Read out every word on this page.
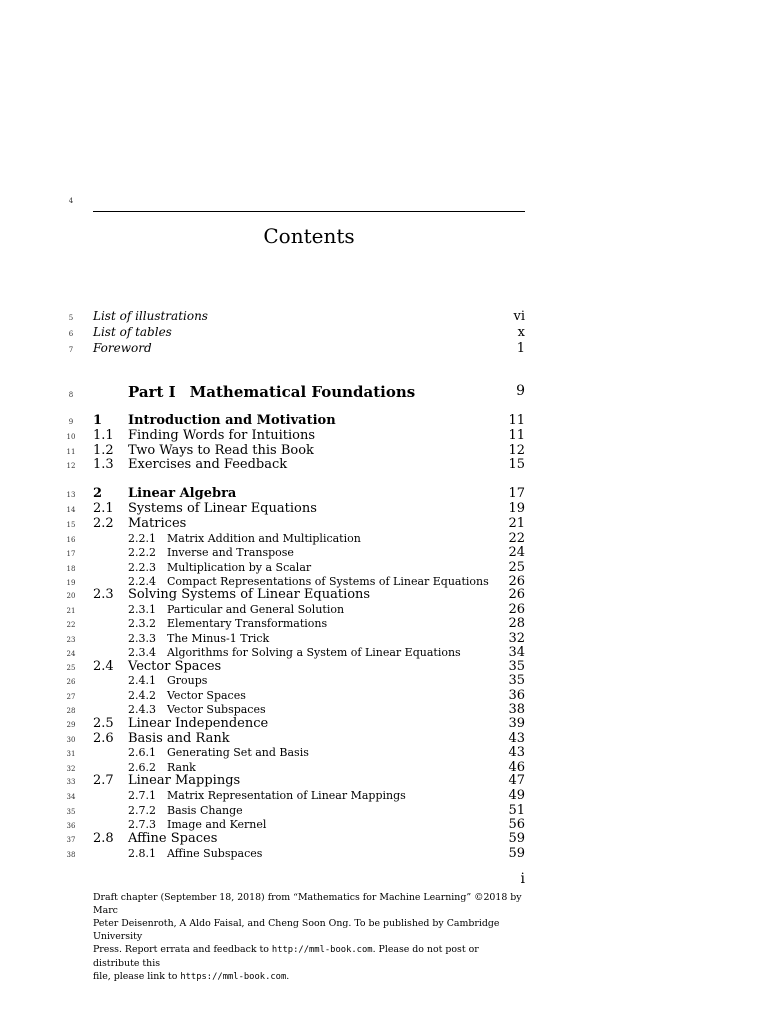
4
Contents
5	List of illustrations	vi
6	List of tables	x
7	Foreword	1
8	Part I Mathematical Foundations	9
9	1 Introduction and Motivation	11
10	1.1 Finding Words for Intuitions	11
11	1.2 Two Ways to Read this Book	12
12	1.3 Exercises and Feedback	15
13	2 Linear Algebra	17
14	2.1 Systems of Linear Equations	19
15	2.2 Matrices	21
16	2.2.1 Matrix Addition and Multiplication	22
17	2.2.2 Inverse and Transpose	24
18	2.2.3 Multiplication by a Scalar	25
19	2.2.4 Compact Representations of Systems of Linear Equations 26
20	2.3 Solving Systems of Linear Equations	26
21	2.3.1 Particular and General Solution	26
22	2.3.2 Elementary Transformations	28
23	2.3.3 The Minus-1 Trick	32
24	2.3.4 Algorithms for Solving a System of Linear Equations	34
25	2.4 Vector Spaces	35
26	2.4.1 Groups	35
27	2.4.2 Vector Spaces	36
28	2.4.3 Vector Subspaces	38
29	2.5 Linear Independence	39
30	2.6 Basis and Rank	43
31	2.6.1 Generating Set and Basis	43
32	2.6.2 Rank	46
33	2.7 Linear Mappings	47
34	2.7.1 Matrix Representation of Linear Mappings	49
35	2.7.2 Basis Change	51
36	2.7.3 Image and Kernel	56
37	2.8 Affine Spaces	59
38	2.8.1 Affine Subspaces	59
i

Draft chapter (September 18, 2018) from “Mathematics for Machine Learning” ©2018 by Marc

Peter Deisenroth, A Aldo Faisal, and Cheng Soon Ong. To be published by Cambridge University

Press. Report errata and feedback to http://mml-book.com. Please do not post or distribute this

file, please link to https://mml-book.com.
